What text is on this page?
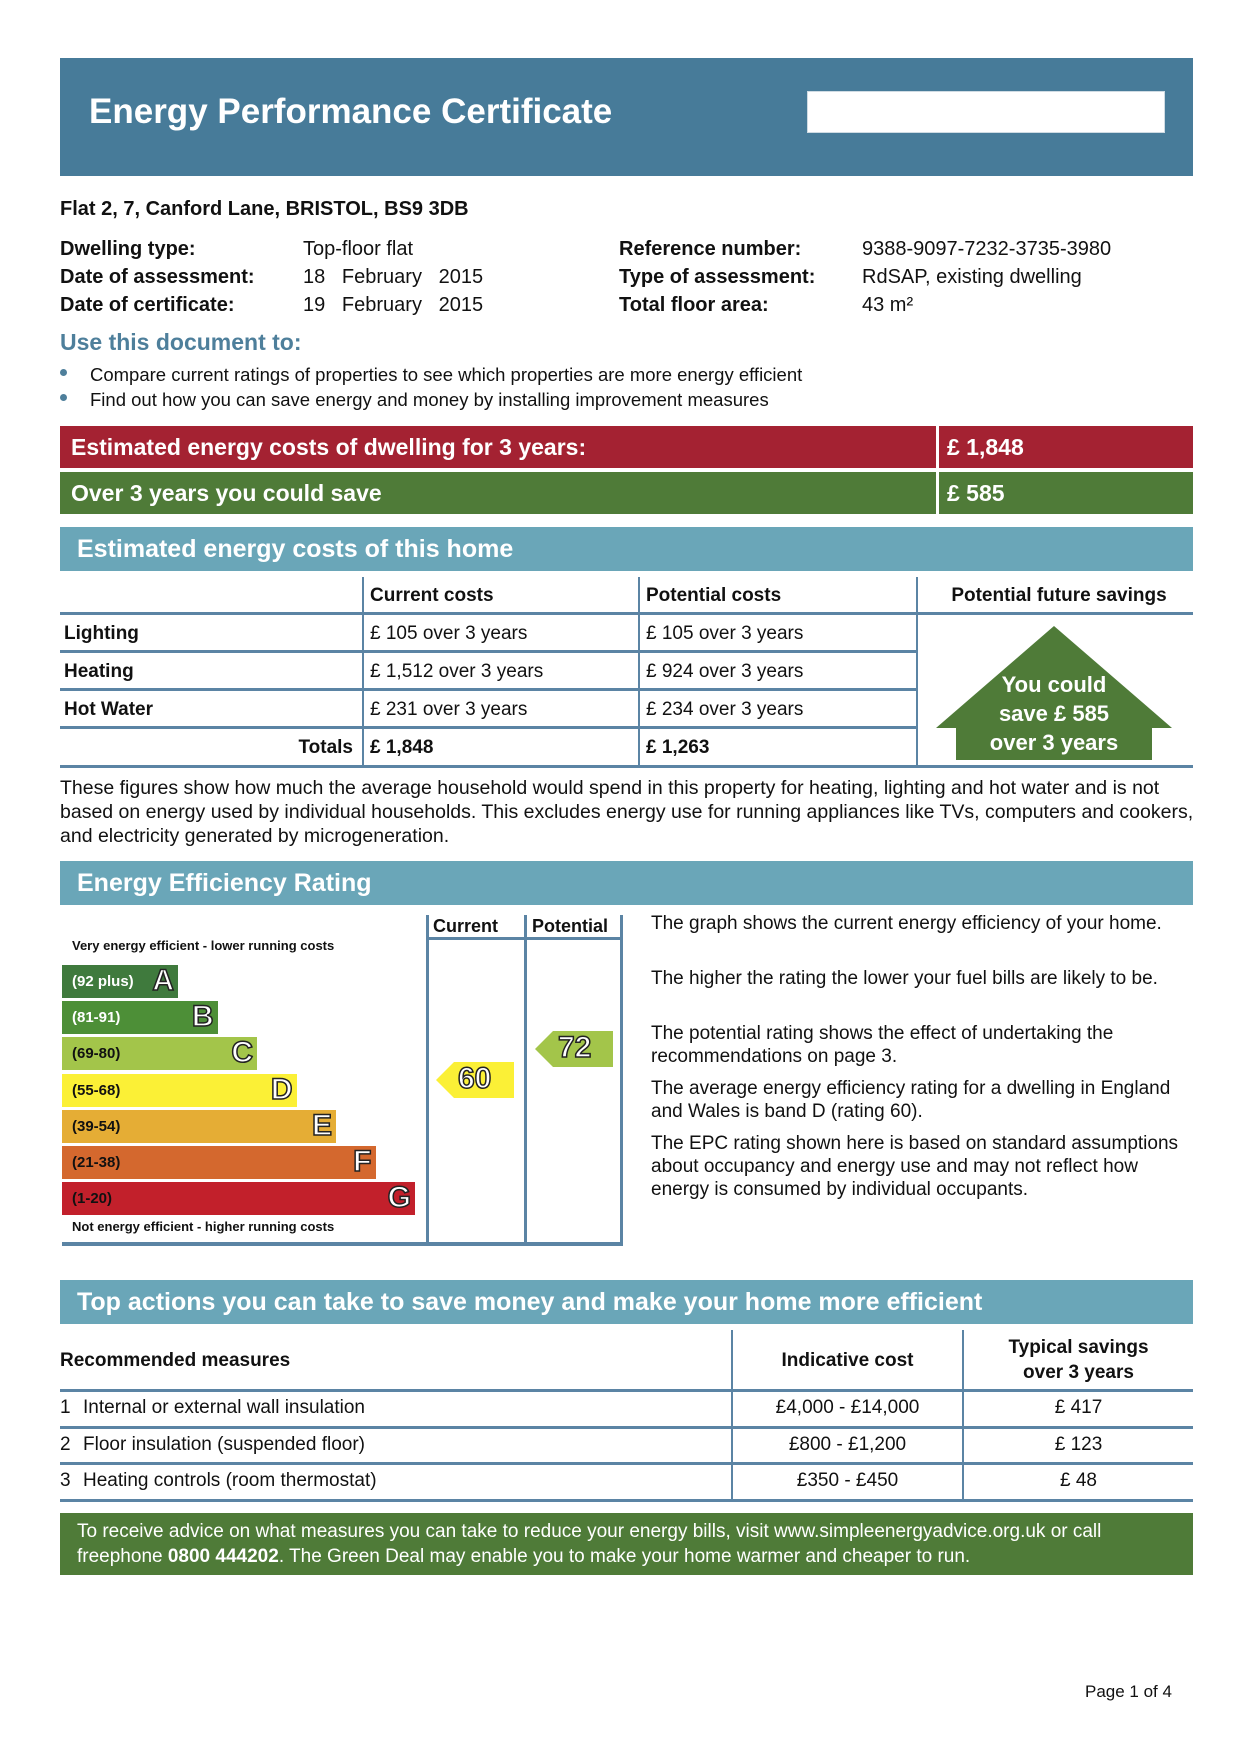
Energy Performance Certificate
Flat 2, 7, Canford Lane, BRISTOL, BS9 3DB
Dwelling type:	Top-floor flat
Date of assessment: 18   February   2015
Date of certificate:	19   February   2015
Reference number:	9388-9097-7232-3735-3980
Type of assessment: RdSAP, existing dwelling
Total floor area:	43 m²
Use this document to:
Compare current ratings of properties to see which properties are more energy efficient
Find out how you can save energy and money by installing improvement measures
Estimated energy costs of dwelling for 3 years:	£ 1,848
Over 3 years you could save	£ 585
Estimated energy costs of this home
Current costs	Potential costs	Potential future savings
Lighting	£ 105 over 3 years	£ 105 over 3 years
Heating	£ 1,512 over 3 years	£ 924 over 3 years
Hot Water	£ 231 over 3 years	£ 234 over 3 years
Totals £ 1,848	£ 1,263
You could
save £ 585
over 3 years
These figures show how much the average household would spend in this property for heating, lighting and hot water and is not based on energy used by individual households. This excludes energy use for running appliances like TVs, computers and cookers, and electricity generated by microgeneration.
Energy Efficiency Rating
Current Potential
Very energy efficient - lower running costs
Not energy efficient - higher running costs
(92 plus) A
(81-91) B
(69-80)	C
(55-68)	D
(39-54)	E
(21-38)	F
(1-20)	G
60
72
The graph shows the current energy efficiency of your home.
The higher the rating the lower your fuel bills are likely to be.
The potential rating shows the effect of undertaking the recommendations on page 3.
The average energy efficiency rating for a dwelling in England and Wales is band D (rating 60).
The EPC rating shown here is based on standard assumptions about occupancy and energy use and may not reflect how energy is consumed by individual occupants.
Top actions you can take to save money and make your home more efficient
Recommended measures	Indicative cost
Typical savings
over 3 years
1 Internal or external wall insulation	£4,000 - £14,000	£ 417
2 Floor insulation (suspended floor)	£800 - £1,200	£ 123
3 Heating controls (room thermostat)	£350 - £450	£ 48
To receive advice on what measures you can take to reduce your energy bills, visit www.simpleenergyadvice.org.uk or call freephone 0800 444202. The Green Deal may enable you to make your home warmer and cheaper to run.
Page 1 of 4
